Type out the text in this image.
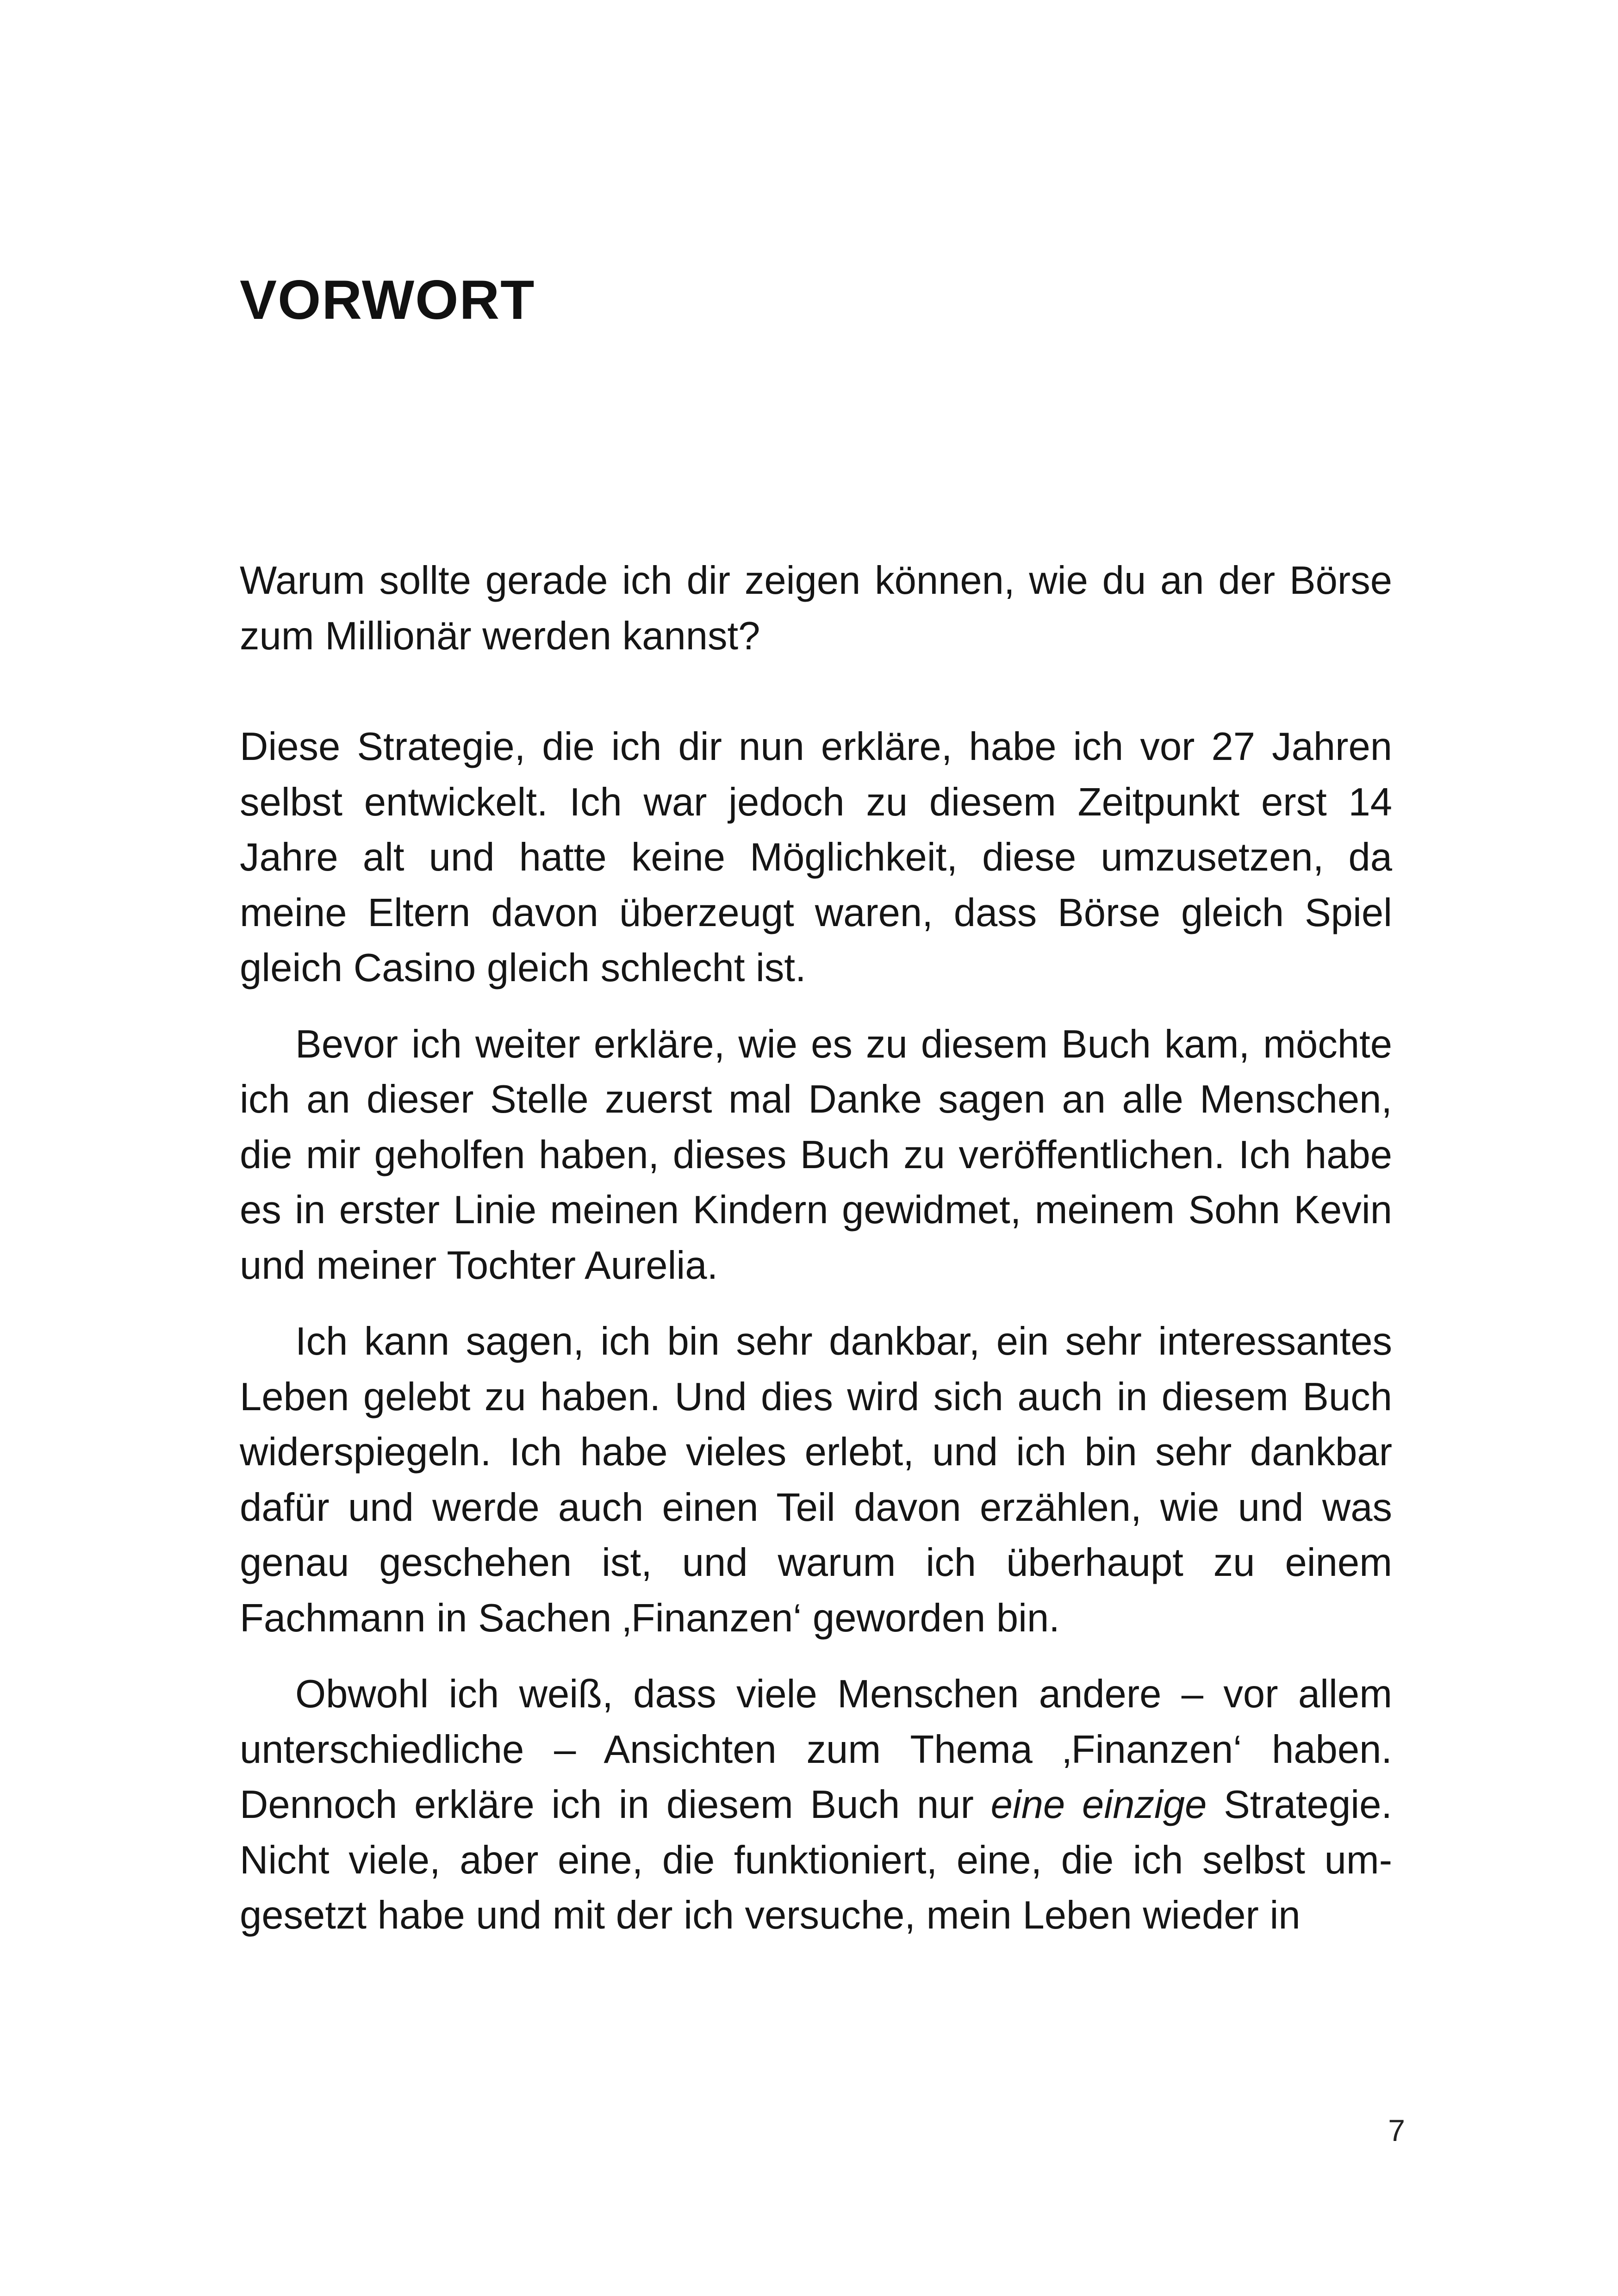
VORWORT

Warum sollte gerade ich dir zeigen können, wie du an der Börse zum Millionär werden kannst?

Diese Strategie, die ich dir nun erkläre, habe ich vor 27 Jahren selbst entwickelt. Ich war jedoch zu diesem Zeitpunkt erst 14 Jahre alt und hatte keine Möglichkeit, diese umzusetzen, da meine Eltern davon überzeugt waren, dass Börse gleich Spiel gleich Casino gleich schlecht ist.

Bevor ich weiter erkläre, wie es zu diesem Buch kam, möchte ich an dieser Stelle zuerst mal Danke sagen an alle Menschen, die mir geholfen haben, dieses Buch zu veröffentlichen. Ich habe es in erster Linie meinen Kindern gewidmet, meinem Sohn Kevin und meiner Tochter Aurelia.

Ich kann sagen, ich bin sehr dankbar, ein sehr interessantes Leben gelebt zu haben. Und dies wird sich auch in diesem Buch widerspiegeln. Ich habe vieles erlebt, und ich bin sehr dankbar dafür und werde auch einen Teil davon erzählen, wie und was genau geschehen ist, und warum ich überhaupt zu einem Fachmann in Sachen ‚Finanzen‘ geworden bin.

Obwohl ich weiß, dass viele Menschen andere – vor allem unterschiedliche – Ansichten zum Thema ‚Finanzen‘ haben. Dennoch erkläre ich in diesem Buch nur eine einzige Strategie. Nicht viele, aber eine, die funktioniert, eine, die ich selbst umgesetzt habe und mit der ich versuche, mein Leben wieder in

7
